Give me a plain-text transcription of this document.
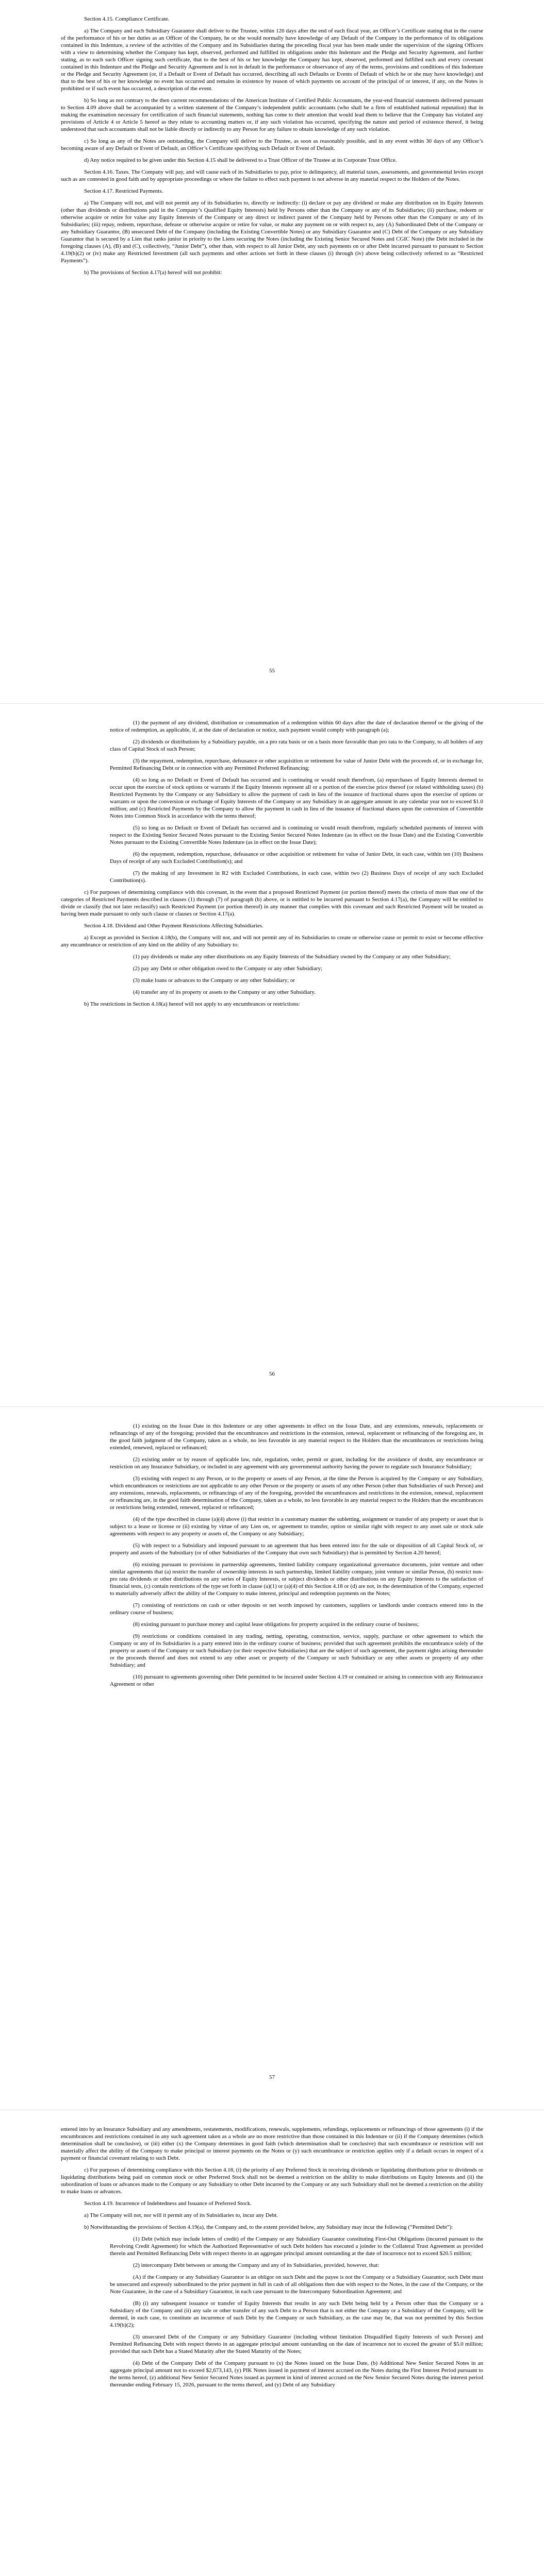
Section 4.15. Compliance Certificate.

a) The Company and each Subsidiary Guarantor shall deliver to the Trustee, within 120 days after the end of each fiscal year, an Officer’s Certificate stating that in the course of the performance of his or her duties as an Officer of the Company, he or she would normally have knowledge of any Default of the Company in the performance of its obligations contained in this Indenture, a review of the activities of the Company and its Subsidiaries during the preceding fiscal year has been made under the supervision of the signing Officers with a view to determining whether the Company has kept, observed, performed and fulfilled its obligations under this Indenture and the Pledge and Security Agreement, and further stating, as to each such Officer signing such certificate, that to the best of his or her knowledge the Company has kept, observed, performed and fulfilled each and every covenant contained in this Indenture and the Pledge and Security Agreement and is not in default in the performance or observance of any of the terms, provisions and conditions of this Indenture or the Pledge and Security Agreement (or, if a Default or Event of Default has occurred, describing all such Defaults or Events of Default of which he or she may have knowledge) and that to the best of his or her knowledge no event has occurred and remains in existence by reason of which payments on account of the principal of or interest, if any, on the Notes is prohibited or if such event has occurred, a description of the event.

b) So long as not contrary to the then current recommendations of the American Institute of Certified Public Accountants, the year-end financial statements delivered pursuant to Section 4.09 above shall be accompanied by a written statement of the Company’s independent public accountants (who shall be a firm of established national reputation) that in making the examination necessary for certification of such financial statements, nothing has come to their attention that would lead them to believe that the Company has violated any provisions of Article 4 or Article 5 hereof as they relate to accounting matters or, if any such violation has occurred, specifying the nature and period of existence thereof, it being understood that such accountants shall not be liable directly or indirectly to any Person for any failure to obtain knowledge of any such violation.

c) So long as any of the Notes are outstanding, the Company will deliver to the Trustee, as soon as reasonably possible, and in any event within 30 days of any Officer’s becoming aware of any Default or Event of Default, an Officer’s Certificate specifying such Default or Event of Default.

d) Any notice required to be given under this Section 4.15 shall be delivered to a Trust Officer of the Trustee at its Corporate Trust Office.

Section 4.16. Taxes. The Company will pay, and will cause each of its Subsidiaries to pay, prior to delinquency, all material taxes, assessments, and governmental levies except such as are contested in good faith and by appropriate proceedings or where the failure to effect such payment is not adverse in any material respect to the Holders of the Notes.

Section 4.17. Restricted Payments.

a) The Company will not, and will not permit any of its Subsidiaries to, directly or indirectly: (i) declare or pay any dividend or make any distribution on its Equity Interests (other than dividends or distributions paid in the Company’s Qualified Equity Interests) held by Persons other than the Company or any of its Subsidiaries; (ii) purchase, redeem or otherwise acquire or retire for value any Equity Interests of the Company or any direct or indirect parent of the Company held by Persons other than the Company or any of its Subsidiaries; (iii) repay, redeem, repurchase, defease or otherwise acquire or retire for value, or make any payment on or with respect to, any (A) Subordinated Debt of the Company or any Subsidiary Guarantor, (B) unsecured Debt of the Company (including the Existing Convertible Notes) or any Subsidiary Guarantor and (C) Debt of the Company or any Subsidiary Guarantor that is secured by a Lien that ranks junior in priority to the Liens securing the Notes (including the Existing Senior Secured Notes and CGIC Note) (the Debt included in the foregoing clauses (A), (B) and (C), collectively, “Junior Debt”), other than, with respect to all Junior Debt, any such payments on or after Debt incurred pursuant to pursuant to Section 4.19(b)(2) or (iv) make any Restricted Investment (all such payments and other actions set forth in these clauses (i) through (iv) above being collectively referred to as “Restricted Payments”).

b) The provisions of Section 4.17(a) hereof will not prohibit:

55

(1) the payment of any dividend, distribution or consummation of a redemption within 60 days after the date of declaration thereof or the giving of the notice of redemption, as applicable, if, at the date of declaration or notice, such payment would comply with paragraph (a);

(2) dividends or distributions by a Subsidiary payable, on a pro rata basis or on a basis more favorable than pro rata to the Company, to all holders of any class of Capital Stock of such Person;

(3) the repayment, redemption, repurchase, defeasance or other acquisition or retirement for value of Junior Debt with the proceeds of, or in exchange for, Permitted Refinancing Debt or in connection with any Permitted Preferred Refinancing;

(4) so long as no Default or Event of Default has occurred and is continuing or would result therefrom, (a) repurchases of Equity Interests deemed to occur upon the exercise of stock options or warrants if the Equity Interests represent all or a portion of the exercise price thereof (or related withholding taxes) (b) Restricted Payments by the Company or any Subsidiary to allow the payment of cash in lieu of the issuance of fractional shares upon the exercise of options or warrants or upon the conversion or exchange of Equity Interests of the Company or any Subsidiary in an aggregate amount in any calendar year not to exceed $1.0 million; and (c) Restricted Payments by the Company to allow the payment in cash in lieu of the issuance of fractional shares upon the conversion of Convertible Notes into Common Stock in accordance with the terms thereof;

(5) so long as no Default or Event of Default has occurred and is continuing or would result therefrom, regularly scheduled payments of interest with respect to the Existing Senior Secured Notes pursuant to the Existing Senior Secured Notes Indenture (as in effect on the Issue Date) and the Existing Convertible Notes pursuant to the Existing Convertible Notes Indenture (as in effect on the Issue Date);

(6) the repayment, redemption, repurchase, defeasance or other acquisition or retirement for value of Junior Debt, in each case, within ten (10) Business Days of receipt of any such Excluded Contribution(s); and

(7) the making of any Investment in R2 with Excluded Contributions, in each case, within two (2) Business Days of receipt of any such Excluded Contribution(s).

c) For purposes of determining compliance with this covenant, in the event that a proposed Restricted Payment (or portion thereof) meets the criteria of more than one of the categories of Restricted Payments described in clauses (1) through (7) of paragraph (b) above, or is entitled to be incurred pursuant to Section 4.17(a), the Company will be entitled to divide or classify (but not later reclassify) such Restricted Payment (or portion thereof) in any manner that complies with this covenant and such Restricted Payment will be treated as having been made pursuant to only such clause or clauses or Section 4.17(a).

Section 4.18. Dividend and Other Payment Restrictions Affecting Subsidiaries.

a) Except as provided in Section 4.18(b), the Company will not, and will not permit any of its Subsidiaries to create or otherwise cause or permit to exist or become effective any encumbrance or restriction of any kind on the ability of any Subsidiary to:

(1) pay dividends or make any other distributions on any Equity Interests of the Subsidiary owned by the Company or any other Subsidiary;

(2) pay any Debt or other obligation owed to the Company or any other Subsidiary;

(3) make loans or advances to the Company or any other Subsidiary; or

(4) transfer any of its property or assets to the Company or any other Subsidiary.

b) The restrictions in Section 4.18(a) hereof will not apply to any encumbrances or restrictions:

56

(1) existing on the Issue Date in this Indenture or any other agreements in effect on the Issue Date, and any extensions, renewals, replacements or refinancings of any of the foregoing; provided that the encumbrances and restrictions in the extension, renewal, replacement or refinancing of the foregoing are, in the good faith judgment of the Company, taken as a whole, no less favorable in any material respect to the Holders than the encumbrances or restrictions being extended, renewed, replaced or refinanced;

(2) existing under or by reason of applicable law, rule, regulation, order, permit or grant, including for the avoidance of doubt, any encumbrance or restriction on any Insurance Subsidiary, or included in any agreement with any governmental authority having the power to regulate such Insurance Subsidiary;

(3) existing with respect to any Person, or to the property or assets of any Person, at the time the Person is acquired by the Company or any Subsidiary, which encumbrances or restrictions are not applicable to any other Person or the property or assets of any other Person (other than Subsidiaries of such Person) and any extensions, renewals, replacements, or refinancings of any of the foregoing, provided the encumbrances and restrictions in the extension, renewal, replacement or refinancing are, in the good faith determination of the Company, taken as a whole, no less favorable in any material respect to the Holders than the encumbrances or restrictions being extended, renewed, replaced or refinanced;

(4) of the type described in clause (a)(4) above (i) that restrict in a customary manner the subletting, assignment or transfer of any property or asset that is subject to a lease or license or (ii) existing by virtue of any Lien on, or agreement to transfer, option or similar right with respect to any asset sale or stock sale agreements with respect to any property or assets of, the Company or any Subsidiary;

(5) with respect to a Subsidiary and imposed pursuant to an agreement that has been entered into for the sale or disposition of all Capital Stock of, or property and assets of the Subsidiary (or of other Subsidiaries of the Company that own such Subsidiary) that is permitted by Section 4.20 hereof;

(6) existing pursuant to provisions in partnership agreements, limited liability company organizational governance documents, joint venture and other similar agreements that (a) restrict the transfer of ownership interests in such partnership, limited liability company, joint venture or similar Person, (b) restrict non-pro rata dividends or other distributions on any series of Equity Interests, or subject dividends or other distributions on any Equity Interests to the satisfaction of financial tests, (c) contain restrictions of the type set forth in clause (a)(1) or (a)(4) of this Section 4.18 or (d) are not, in the determination of the Company, expected to materially adversely affect the ability of the Company to make interest, principal and redemption payments on the Notes;

(7) consisting of restrictions on cash or other deposits or net worth imposed by customers, suppliers or landlords under contracts entered into in the ordinary course of business;

(8) existing pursuant to purchase money and capital lease obligations for property acquired in the ordinary course of business;

(9) restrictions or conditions contained in any trading, netting, operating, construction, service, supply, purchase or other agreement to which the Company or any of its Subsidiaries is a party entered into in the ordinary course of business; provided that such agreement prohibits the encumbrance solely of the property or assets of the Company or such Subsidiary (or their respective Subsidiaries) that are the subject of such agreement, the payment rights arising thereunder or the proceeds thereof and does not extend to any other asset or property of the Company or such Subsidiary or any other assets or property of any other Subsidiary; and

(10) pursuant to agreements governing other Debt permitted to be incurred under Section 4.19 or contained or arising in connection with any Reinsurance Agreement or other

57

entered into by an Insurance Subsidiary and any amendments, restatements, modifications, renewals, supplements, refundings, replacements or refinancings of those agreements (i) if the encumbrances and restrictions contained in any such agreement taken as a whole are no more restrictive than those contained in this Indenture or (ii) if the Company determines (which determination shall be conclusive), or (iii) either (x) the Company determines in good faith (which determination shall be conclusive) that such encumbrance or restriction will not materially affect the ability of the Company to make principal or interest payments on the Notes or (y) such encumbrance or restriction applies only if a default occurs in respect of a payment or financial covenant relating to such Debt.

c) For purposes of determining compliance with this Section 4.18, (i) the priority of any Preferred Stock in receiving dividends or liquidating distributions prior to dividends or liquidating distributions being paid on common stock or other Preferred Stock shall not be deemed a restriction on the ability to make distributions on Equity Interests and (ii) the subordination of loans or advances made to the Company or any Subsidiary to other Debt incurred by the Company or any such Subsidiary shall not be deemed a restriction on the ability to make loans or advances.

Section 4.19. Incurrence of Indebtedness and Issuance of Preferred Stock.

a) The Company will not, nor will it permit any of its Subsidiaries to, incur any Debt.

b) Notwithstanding the provisions of Section 4.19(a), the Company and, to the extent provided below, any Subsidiary may incur the following (“Permitted Debt”):

(1) Debt (which may include letters of credit) of the Company or any Subsidiary Guarantor constituting First-Out Obligations (incurred pursuant to the Revolving Credit Agreement) for which the Authorized Representative of such Debt holders has executed a joinder to the Collateral Trust Agreement as provided therein and Permitted Refinancing Debt with respect thereto in an aggregate principal amount outstanding at the date of incurrence not to exceed $20.5 million;

(2) intercompany Debt between or among the Company and any of its Subsidiaries, provided, however, that:

(A) if the Company or any Subsidiary Guarantor is an obligor on such Debt and the payee is not the Company or a Subsidiary Guarantor, such Debt must be unsecured and expressly subordinated to the prior payment in full in cash of all obligations then due with respect to the Notes, in the case of the Company, or the Note Guarantee, in the case of a Subsidiary Guarantor, in each case pursuant to the Intercompany Subordination Agreement; and

(B) (i) any subsequent issuance or transfer of Equity Interests that results in any such Debt being held by a Person other than the Company or a Subsidiary of the Company and (ii) any sale or other transfer of any such Debt to a Person that is not either the Company or a Subsidiary of the Company, will be deemed, in each case, to constitute an incurrence of such Debt by the Company or such Subsidiary, as the case may be, that was not permitted by this Section 4.19(b)(2);

(3) unsecured Debt of the Company or any Subsidiary Guarantor (including without limitation Disqualified Equity Interests of such Person) and Permitted Refinancing Debt with respect thereto in an aggregate principal amount outstanding on the date of incurrence not to exceed the greater of $5.0 million; provided that such Debt has a Stated Maturity after the Stated Maturity of the Notes;

(4) Debt of the Company Debt of the Company pursuant to (x) the Notes issued on the Issue Date, (b) Additional New Senior Secured Notes in an aggregate principal amount not to exceed $2,673,143, (y) PIK Notes issued in payment of interest accrued on the Notes during the First Interest Period pursuant to the terms hereof, (z) additional New Senior Secured Notes issued as payment in kind of interest accrued on the New Senior Secured Notes during the interest period thereunder ending February 15, 2026, pursuant to the terms thereof, and (y) Debt of any Subsidiary
